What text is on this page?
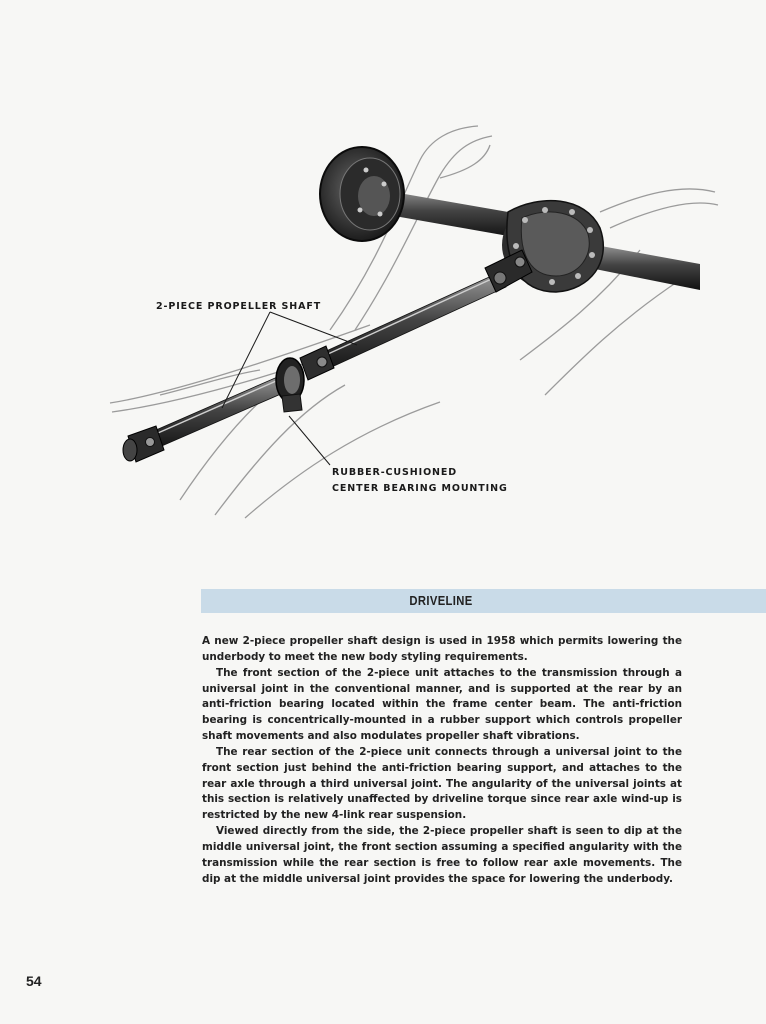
2-PIECE PROPELLER SHAFT
RUBBER-CUSHIONED
CENTER BEARING MOUNTING
DRIVELINE

A new 2-piece propeller shaft design is used in 1958 which permits lowering the underbody to meet the new body styling requirements.

The front section of the 2-piece unit attaches to the transmission through a universal joint in the conventional manner, and is supported at the rear by an anti-friction bearing located within the frame center beam. The anti-friction bearing is concentrically-mounted in a rubber support which controls propeller shaft movements and also modulates propeller shaft vibrations.

The rear section of the 2-piece unit connects through a universal joint to the front section just behind the anti-friction bearing support, and attaches to the rear axle through a third universal joint. The angularity of the universal joints at this section is relatively unaffected by driveline torque since rear axle wind-up is restricted by the new 4-link rear suspension.

Viewed directly from the side, the 2-piece propeller shaft is seen to dip at the middle universal joint, the front section assuming a specified angularity with the transmission while the rear section is free to follow rear axle movements. The dip at the middle universal joint provides the space for lowering the underbody.

54
